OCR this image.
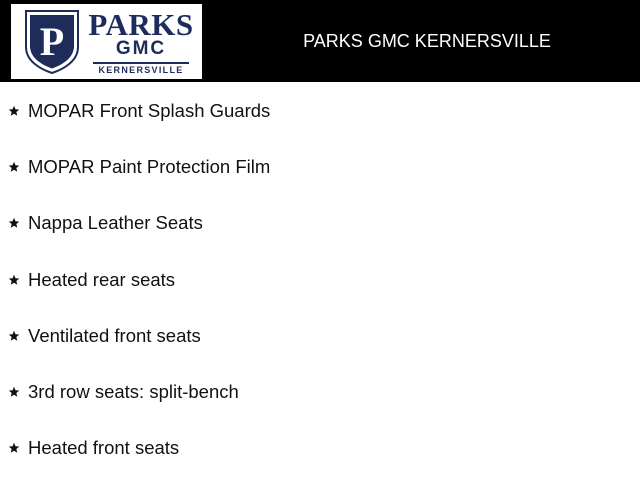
P PARKS
GMC
KERNERSVILLE
PARKS GMC KERNERSVILLE
MOPAR Front Splash Guards
MOPAR Paint Protection Film
Nappa Leather Seats
Heated rear seats
Ventilated front seats
3rd row seats: split-bench
Heated front seats
